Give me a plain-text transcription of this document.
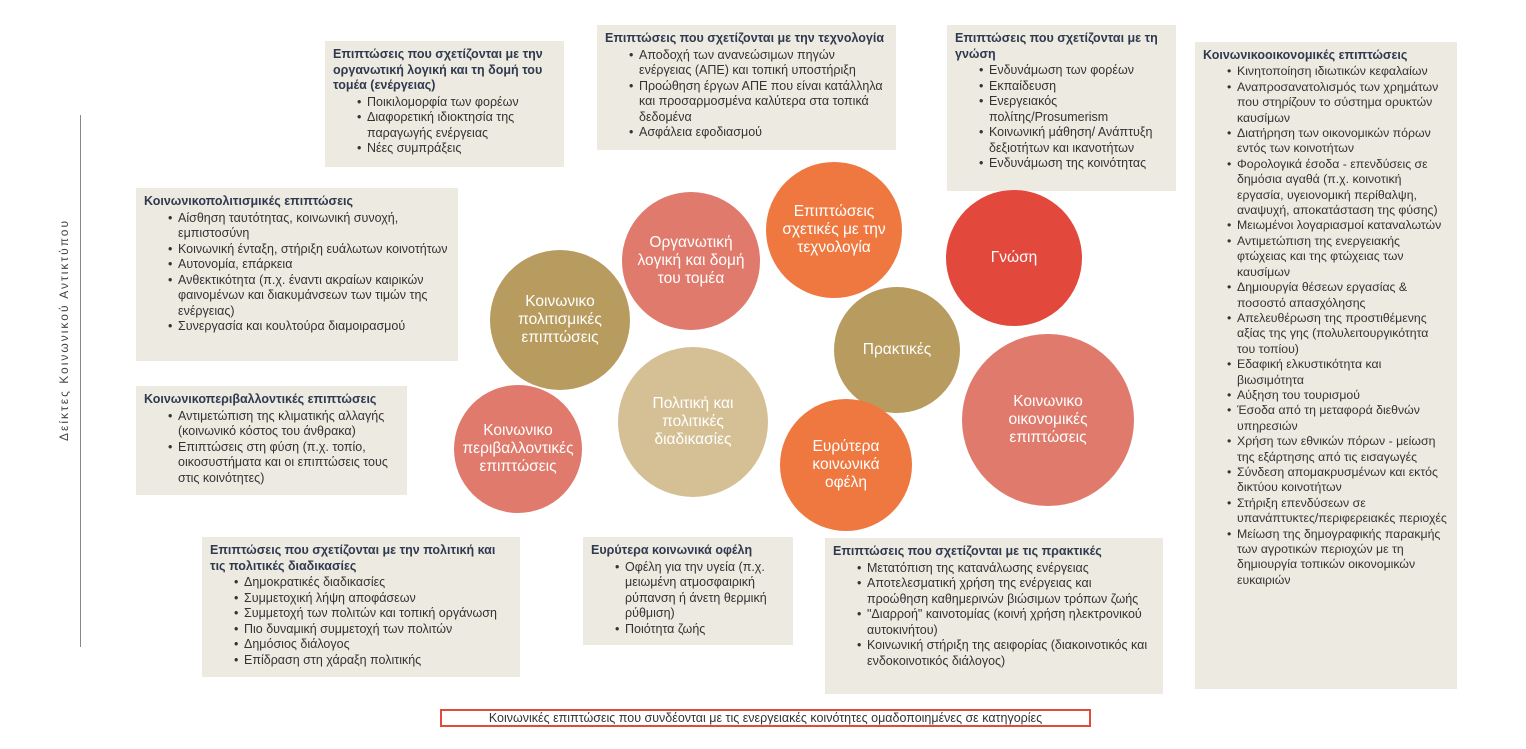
Δείκτες Κοινωνικού Αντικτύπου
Επιπτώσεις που σχετίζονται με την οργανωτική λογική και τη δομή του τομέα (ενέργειας)
• Ποικιλομορφία των φορέων
• Διαφορετική ιδιοκτησία της παραγωγής ενέργειας
• Νέες συμπράξεις
Επιπτώσεις που σχετίζονται με την τεχνολογία
• Αποδοχή των ανανεώσιμων πηγών ενέργειας (ΑΠΕ) και τοπική υποστήριξη
• Προώθηση έργων ΑΠΕ που είναι κατάλληλα και προσαρμοσμένα καλύτερα στα τοπικά δεδομένα
• Ασφάλεια εφοδιασμού
Επιπτώσεις που σχετίζονται με τη γνώση
• Ενδυνάμωση των φορέων
• Εκπαίδευση
• Ενεργειακός πολίτης/Prosumerism
• Κοινωνική μάθηση/ Ανάπτυξη δεξιοτήτων και ικανοτήτων
• Ενδυνάμωση της κοινότητας
Κοινωνικοοικονομικές επιπτώσεις
• Κινητοποίηση ιδιωτικών κεφαλαίων
• Αναπροσανατολισμός των χρημάτων που στηρίζουν το σύστημα ορυκτών καυσίμων
• Διατήρηση των οικονομικών πόρων εντός των κοινοτήτων
• Φορολογικά έσοδα - επενδύσεις σε δημόσια αγαθά (π.χ. κοινοτική εργασία, υγειονομική περίθαλψη, αναψυχή, αποκατάσταση της φύσης)
• Μειωμένοι λογαριασμοί καταναλωτών
• Αντιμετώπιση της ενεργειακής φτώχειας και της φτώχειας των καυσίμων
• Δημιουργία θέσεων εργασίας & ποσοστό απασχόλησης
• Απελευθέρωση της προστιθέμενης αξίας της γης (πολυλειτουργικότητα του τοπίου)
• Εδαφική ελκυστικότητα και βιωσιμότητα
• Αύξηση του τουρισμού
• Έσοδα από τη μεταφορά διεθνών υπηρεσιών
• Χρήση των εθνικών πόρων - μείωση της εξάρτησης από τις εισαγωγές
• Σύνδεση απομακρυσμένων και εκτός δικτύου κοινοτήτων
• Στήριξη επενδύσεων σε υπανάπτυκτες/περιφερειακές περιοχές
• Μείωση της δημογραφικής παρακμής των αγροτικών περιοχών με τη δημιουργία τοπικών οικονομικών ευκαιριών
Κοινωνικοπολιτισμικές επιπτώσεις
• Αίσθηση ταυτότητας, κοινωνική συνοχή, εμπιστοσύνη
• Κοινωνική ένταξη, στήριξη ευάλωτων κοινοτήτων
• Αυτονομία, επάρκεια
• Ανθεκτικότητα (π.χ. έναντι ακραίων καιρικών φαινομένων και διακυμάνσεων των τιμών της ενέργειας)
• Συνεργασία και κουλτούρα διαμοιρασμού
Κοινωνικοπεριβαλλοντικές επιπτώσεις
• Αντιμετώπιση της κλιματικής αλλαγής (κοινωνικό κόστος του άνθρακα)
• Επιπτώσεις στη φύση (π.χ. τοπίο, οικοσυστήματα και οι επιπτώσεις τους στις κοινότητες)
Επιπτώσεις που σχετίζονται με την πολιτική και τις πολιτικές διαδικασίες
• Δημοκρατικές διαδικασίες
• Συμμετοχική λήψη αποφάσεων
• Συμμετοχή των πολιτών και τοπική οργάνωση
• Πιο δυναμική συμμετοχή των πολιτών
• Δημόσιος διάλογος
• Επίδραση στη χάραξη πολιτικής
Ευρύτερα κοινωνικά οφέλη
• Οφέλη για την υγεία (π.χ. μειωμένη ατμοσφαιρική ρύπανση ή άνετη θερμική ρύθμιση)
• Ποιότητα ζωής
Επιπτώσεις που σχετίζονται με τις πρακτικές
• Μετατόπιση της κατανάλωσης ενέργειας
• Αποτελεσματική χρήση της ενέργειας και προώθηση καθημερινών βιώσιμων τρόπων ζωής
• "Διαρροή" καινοτομίας (κοινή χρήση ηλεκτρονικού αυτοκινήτου)
• Κοινωνική στήριξη της αειφορίας (διακοινοτικός και ενδοκοινοτικός διάλογος)
Κοινωνικο πολιτισμικές επιπτώσεις
Οργανωτική λογική και δομή του τομέα
Επιπτώσεις σχετικές με την τεχνολογία
Γνώση
Πρακτικές
Πολιτική και πολιτικές διαδικασίες
Κοινωνικο περιβαλλοντικές επιπτώσεις
Ευρύτερα κοινωνικά οφέλη
Κοινωνικο οικονομικές επιπτώσεις
Κοινωνικές επιπτώσεις που συνδέονται με τις ενεργειακές κοινότητες ομαδοποιημένες σε κατηγορίες
